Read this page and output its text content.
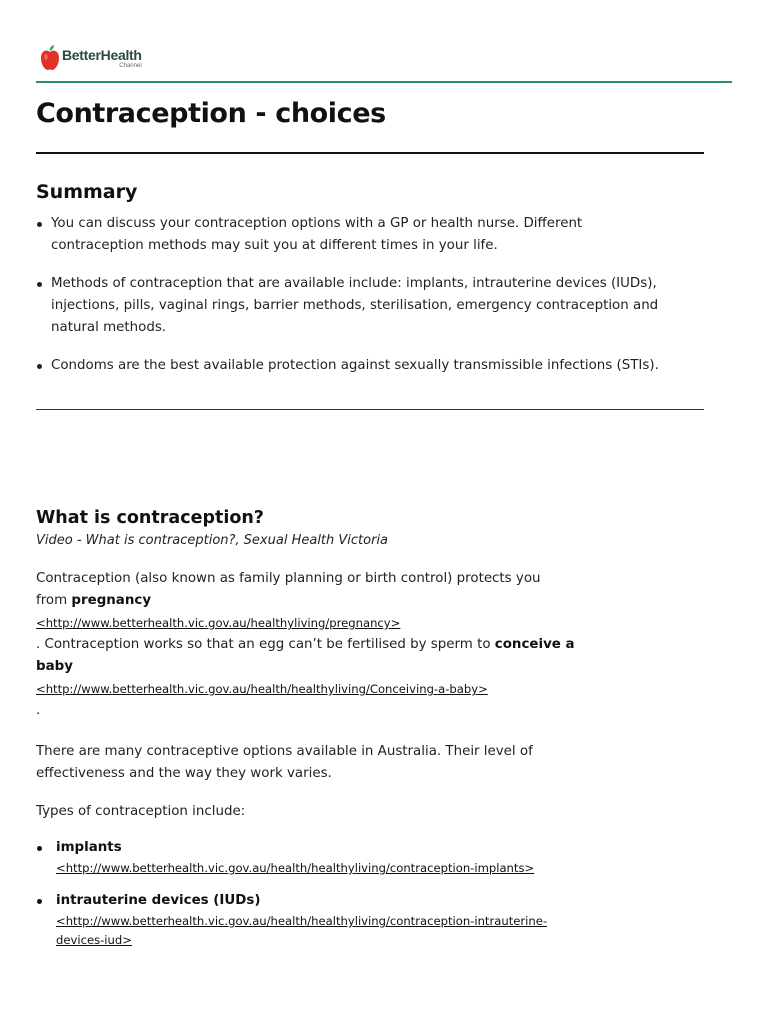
BetterHealth
Channel
Contraception - choices
Summary
You can discuss your contraception options with a GP or health nurse. Different
contraception methods may suit you at different times in your life.
Methods of contraception that are available include: implants, intrauterine devices (IUDs),
injections, pills, vaginal rings, barrier methods, sterilisation, emergency contraception and
natural methods.
Condoms are the best available protection against sexually transmissible infections (STIs).
What is contraception?
Video - What is contraception?, Sexual Health Victoria
Contraception (also known as family planning or birth control) protects you
from pregnancy
<http://www.betterhealth.vic.gov.au/healthyliving/pregnancy>
. Contraception works so that an egg can’t be fertilised by sperm to conceive a
baby
<http://www.betterhealth.vic.gov.au/health/healthyliving/Conceiving-a-baby>
.
There are many contraceptive options available in Australia. Their level of
effectiveness and the way they work varies.
Types of contraception include:
implants
<http://www.betterhealth.vic.gov.au/health/healthyliving/contraception-implants>
intrauterine devices (IUDs)
<http://www.betterhealth.vic.gov.au/health/healthyliving/contraception-intrauterine-
devices-iud>
